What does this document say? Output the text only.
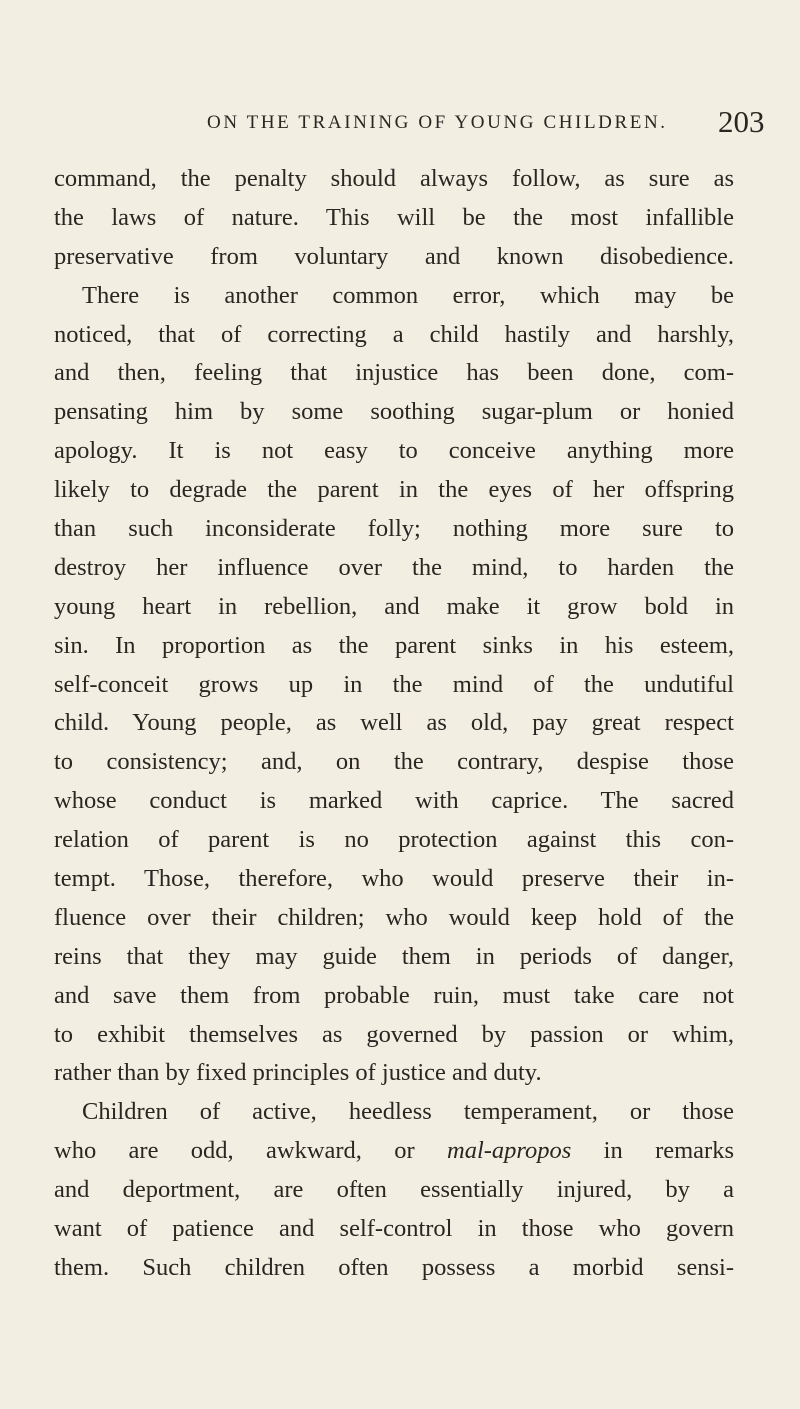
ON THE TRAINING OF YOUNG CHILDREN. 203
command, the penalty should always follow, as sure as
the laws of nature. This will be the most infallible
preservative from voluntary and known disobedience.
There is another common error, which may be
noticed, that of correcting a child hastily and harshly,
and then, feeling that injustice has been done, com-
pensating him by some soothing sugar-plum or honied
apology. It is not easy to conceive anything more
likely to degrade the parent in the eyes of her offspring
than such inconsiderate folly; nothing more sure to
destroy her influence over the mind, to harden the
young heart in rebellion, and make it grow bold in
sin. In proportion as the parent sinks in his esteem,
self-conceit grows up in the mind of the undutiful
child. Young people, as well as old, pay great respect
to consistency; and, on the contrary, despise those
whose conduct is marked with caprice. The sacred
relation of parent is no protection against this con-
tempt. Those, therefore, who would preserve their in-
fluence over their children; who would keep hold of the
reins that they may guide them in periods of danger,
and save them from probable ruin, must take care not
to exhibit themselves as governed by passion or whim,
rather than by fixed principles of justice and duty.
Children of active, heedless temperament, or those
who are odd, awkward, or mal-apropos in remarks
and deportment, are often essentially injured, by a
want of patience and self-control in those who govern
them. Such children often possess a morbid sensi-
